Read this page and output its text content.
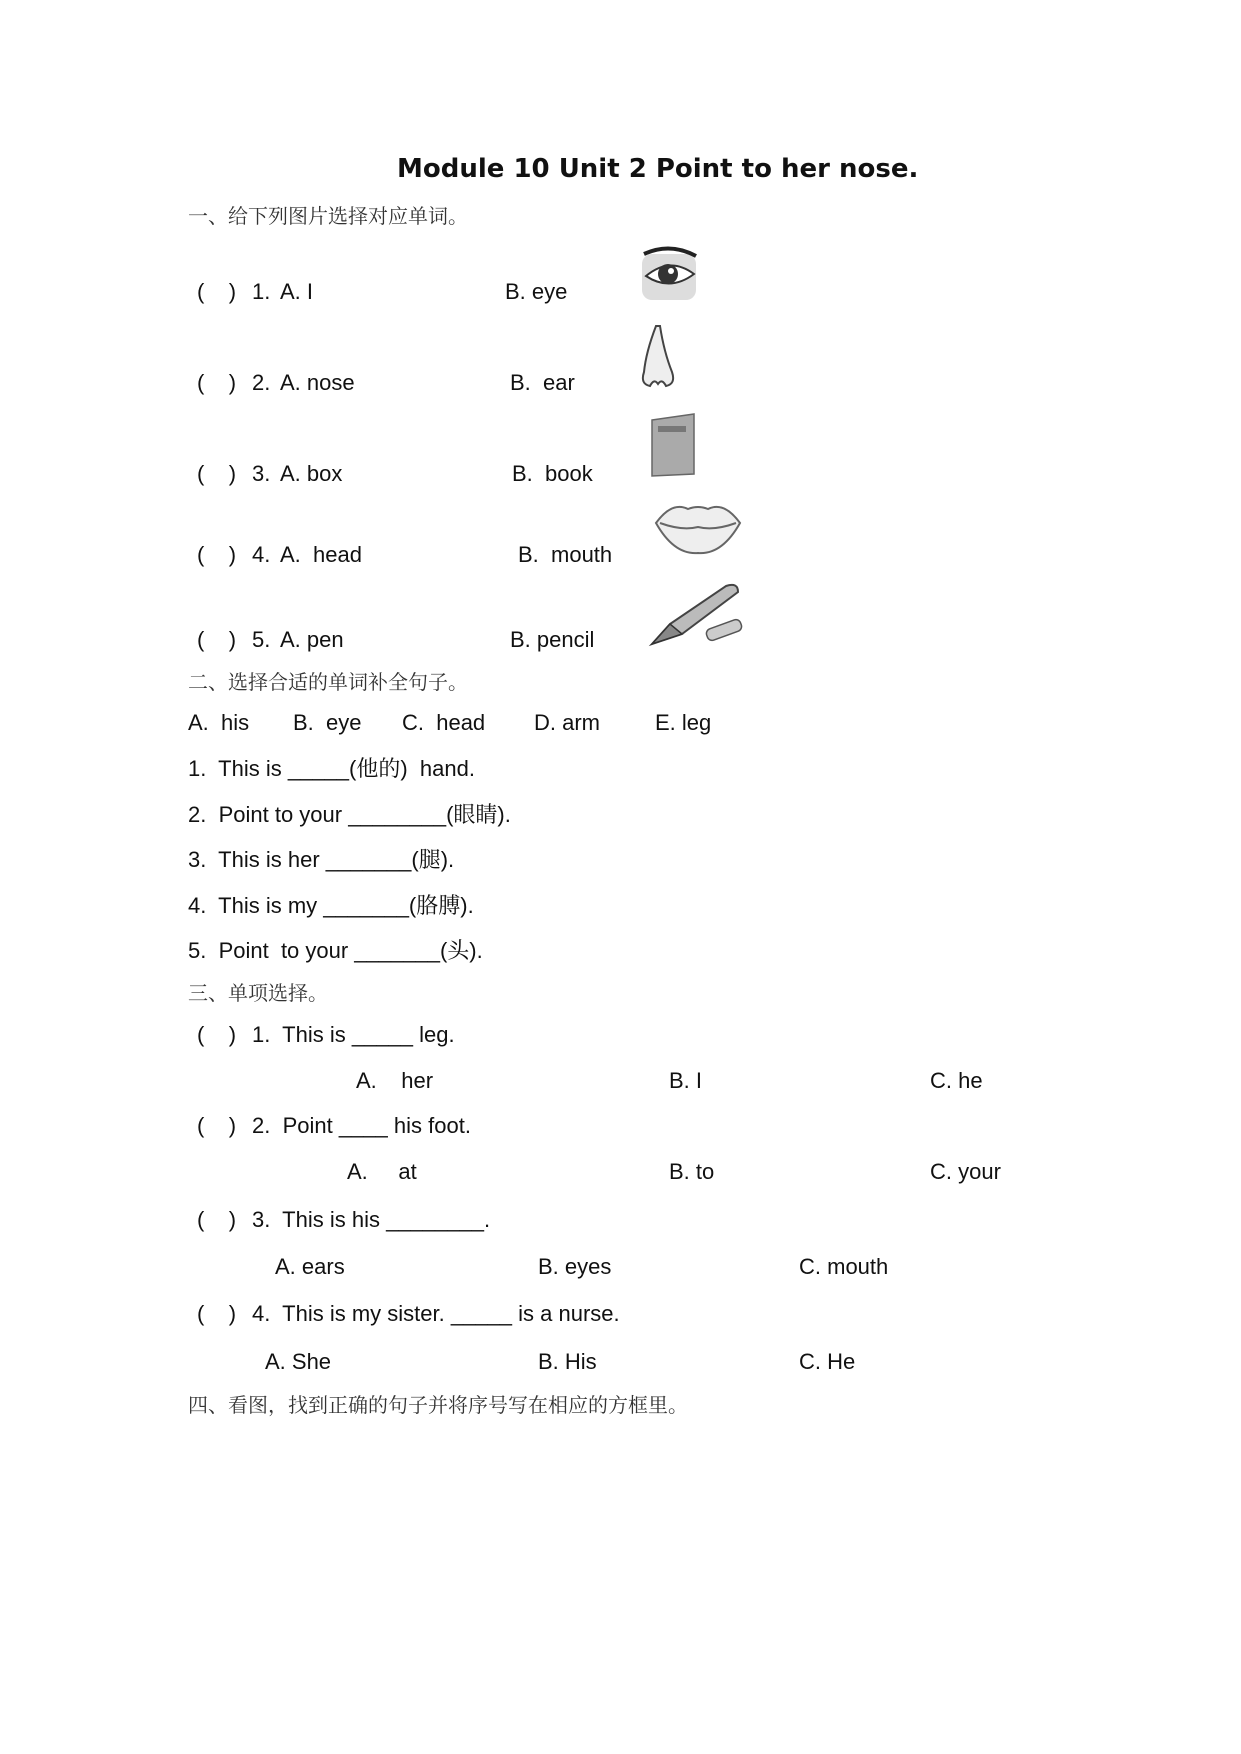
Module 10 Unit 2 Point to her nose.
一、给下列图片选择对应单词。
(    ) 1. A. I	B. eye
(    ) 2. A. nose	B.  ear
(    ) 3. A. box	B.  book
(    ) 4. A.  head	B.  mouth
(    ) 5. A. pen	B. pencil
二、选择合适的单词补全句子。
A.  his B.  eye C.  head D. arm	E. leg
1.  This is _____(他的)  hand.
2.  Point to your ________(眼睛).
3.  This is her _______(腿).
4.  This is my _______(胳膊).
5.  Point  to your _______(头).
三、单项选择。
(    ) 1.  This is _____ leg.
A.    her	B. I	C. he
(    ) 2.  Point ____ his foot.
A.     at	B. to	C. your
(    ) 3.  This is his ________.
A. ears	B. eyes	C. mouth
(    ) 4.  This is my sister. _____ is a nurse.
A. She	B. His	C. He
四、看图，找到正确的句子并将序号写在相应的方框里。
